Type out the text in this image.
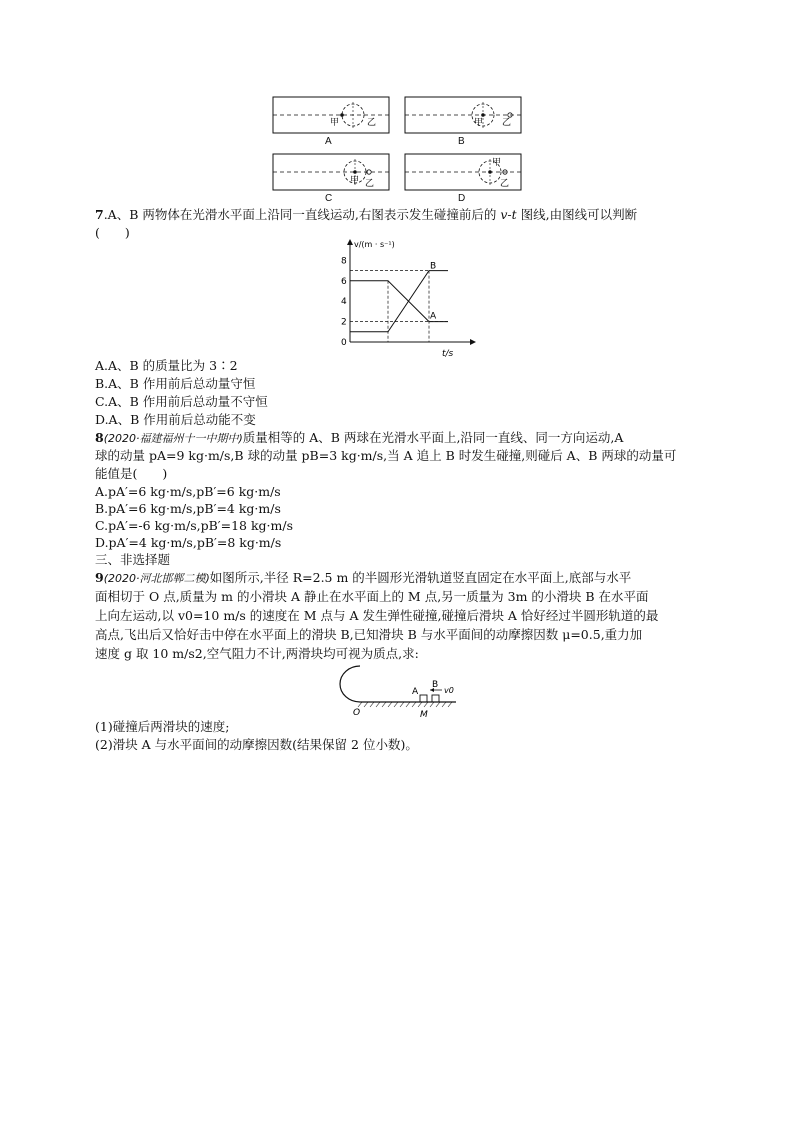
甲	乙	甲 乙
甲 乙
甲
乙
A	B
C	D
7.A、B 两物体在光滑水平面上沿同一直线运动,右图表示发生碰撞前后的 v-t 图线,由图线可以判断
(　　)
v/(m · s⁻¹)
t/s
8
6
4
2
0
A
B
A.A、B 的质量比为 3∶2
B.A、B 作用前后总动量守恒
C.A、B 作用前后总动量不守恒
D.A、B 作用前后总动能不变
8(2020·福建福州十一中期中)质量相等的 A、B 两球在光滑水平面上,沿同一直线、同一方向运动,A
球的动量 pA=9 kg·m/s,B 球的动量 pB=3 kg·m/s,当 A 追上 B 时发生碰撞,则碰后 A、B 两球的动量可
能值是(　　)
A.pA′=6 kg·m/s,pB′=6 kg·m/s
B.pA′=6 kg·m/s,pB′=4 kg·m/s
C.pA′=-6 kg·m/s,pB′=18 kg·m/s
D.pA′=4 kg·m/s,pB′=8 kg·m/s
三、非选择题
9(2020·河北邯郸二模)如图所示,半径 R=2.5 m 的半圆形光滑轨道竖直固定在水平面上,底部与水平
面相切于 O 点,质量为 m 的小滑块 A 静止在水平面上的 M 点,另一质量为 3m 的小滑块 B 在水平面
上向左运动,以 v0=10 m/s 的速度在 M 点与 A 发生弹性碰撞,碰撞后滑块 A 恰好经过半圆形轨道的最
高点,飞出后又恰好击中停在水平面上的滑块 B,已知滑块 B 与水平面间的动摩擦因数 μ=0.5,重力加
速度 g 取 10 m/s2,空气阻力不计,两滑块均可视为质点,求:
A
B
v0
O	M
(1)碰撞后两滑块的速度;
(2)滑块 A 与水平面间的动摩擦因数(结果保留 2 位小数)。
